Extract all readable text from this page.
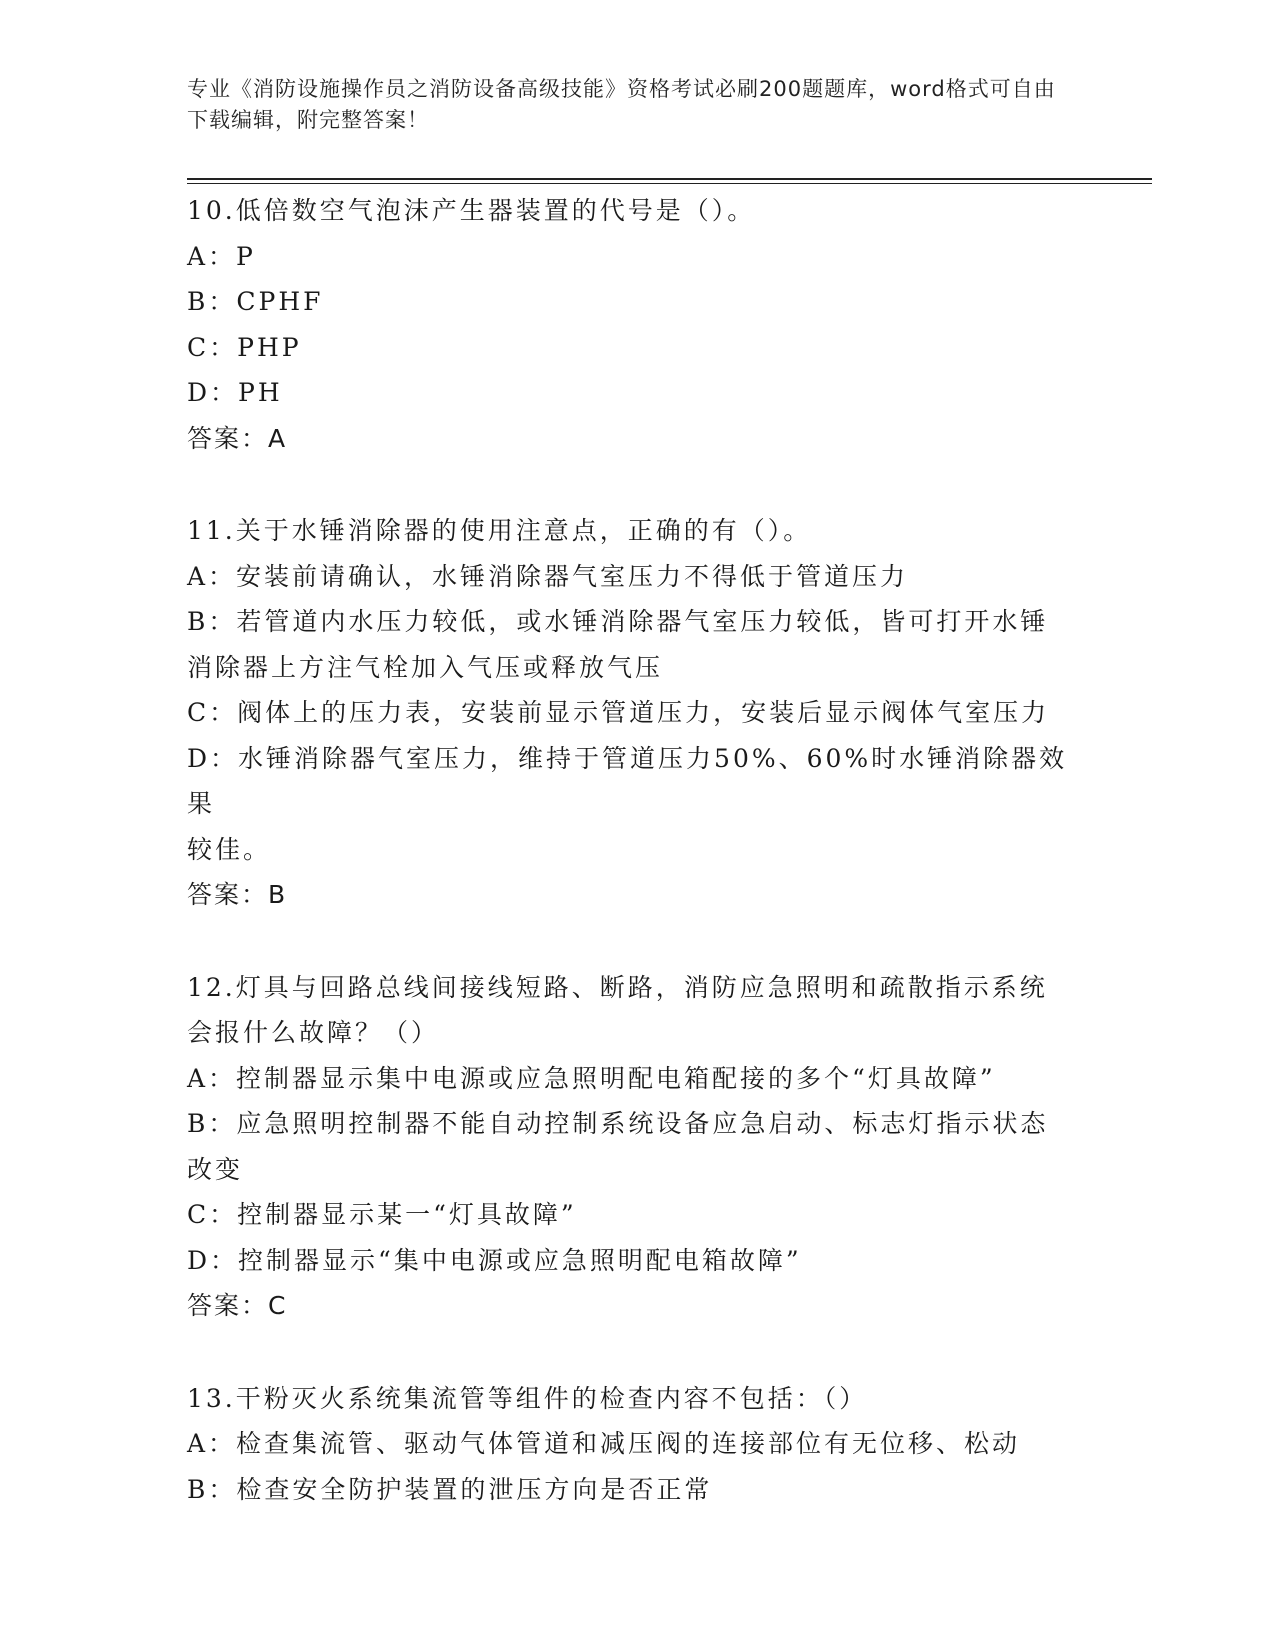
专业《消防设施操作员之消防设备高级技能》资格考试必刷200题题库，word格式可自由下载编辑，附完整答案！
10.低倍数空气泡沫产生器装置的代号是（）。
A：P
B：CPHF
C：PHP
D：PH
答案：A
11.关于水锤消除器的使用注意点，正确的有（）。
A：安装前请确认，水锤消除器气室压力不得低于管道压力
B：若管道内水压力较低，或水锤消除器气室压力较低，皆可打开水锤
消除器上方注气栓加入气压或释放气压
C：阀体上的压力表，安装前显示管道压力，安装后显示阀体气室压力
D：水锤消除器气室压力，维持于管道压力50%、60%时水锤消除器效果
较佳。
答案：B
12.灯具与回路总线间接线短路、断路，消防应急照明和疏散指示系统
会报什么故障？（）
A：控制器显示集中电源或应急照明配电箱配接的多个“灯具故障”
B：应急照明控制器不能自动控制系统设备应急启动、标志灯指示状态
改变
C：控制器显示某一“灯具故障”
D：控制器显示“集中电源或应急照明配电箱故障”
答案：C
13.干粉灭火系统集流管等组件的检查内容不包括：（）
A：检查集流管、驱动气体管道和减压阀的连接部位有无位移、松动
B：检查安全防护装置的泄压方向是否正常
